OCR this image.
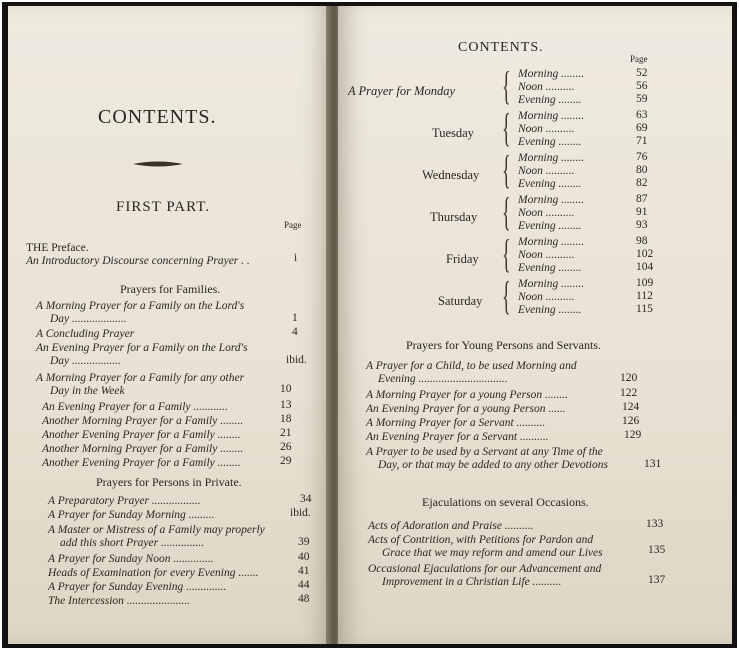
CONTENTS.
FIRST PART.
Page
THE Preface.
An Introductory Discourse concerning Prayer . .	i
Prayers for Families.
A Morning Prayer for a Family on the Lord's
Day ...................	1
A Concluding Prayer	4
An Evening Prayer for a Family on the Lord's
Day .................	ibid.
A Morning Prayer for a Family for any other
Day in the Week	10
An Evening Prayer for a Family ............	13
Another Morning Prayer for a Family ........	18
Another Evening Prayer for a Family ........	21
Another Morning Prayer for a Family ........	26
Another Evening Prayer for a Family ........	29
Prayers for Persons in Private.
A Preparatory Prayer .................	34
A Prayer for Sunday Morning .........	ibid.
A Master or Mistress of a Family may properly
add this short Prayer ...............	39
A Prayer for Sunday Noon ..............	40
Heads of Examination for every Evening .......	41
A Prayer for Sunday Evening ..............	44
The Intercession ......................	48
CONTENTS.
Page
A Prayer for Monday { Morning ........	52
Noon ..........	56
Evening ........	59
Tuesday { Morning ........	63
Noon ..........	69
Evening ........	71
Wednesday { Morning ........	76
Noon ..........	80
Evening ........	82
Thursday { Morning ........	87
Noon ..........	91
Evening ........	93
Friday { Morning ........	98
Noon ..........	102
Evening ........	104
Saturday { Morning ........	109
Noon ..........	112
Evening ........	115
Prayers for Young Persons and Servants.
A Prayer for a Child, to be used Morning and
Evening ...............................	120
A Morning Prayer for a young Person ........	122
An Evening Prayer for a young Person ......	124
A Morning Prayer for a Servant ..........	126
An Evening Prayer for a Servant ..........	129
A Prayer to be used by a Servant at any Time of the
Day, or that may be added to any other Devotions	131
Ejaculations on several Occasions.
Acts of Adoration and Praise ..........	133
Acts of Contrition, with Petitions for Pardon and
Grace that we may reform and amend our Lives	135
Occasional Ejaculations for our Advancement and
Improvement in a Christian Life ..........	137
